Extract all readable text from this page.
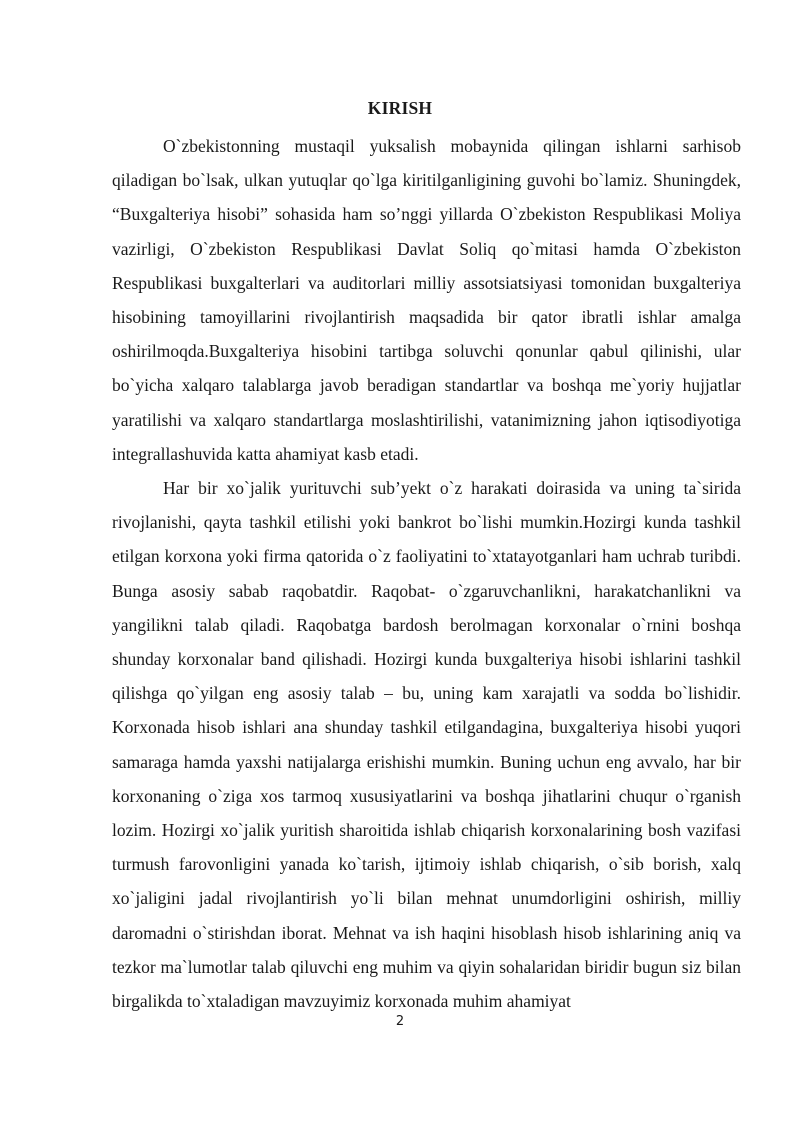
KIRISH

O`zbekistonning mustaqil yuksalish mobaynida qilingan ishlarni sarhisob qiladigan bo`lsak, ulkan yutuqlar qo`lga kiritilganligining guvohi bo`lamiz. Shuningdek, “Buxgalteriya hisobi” sohasida ham so’nggi yillarda O`zbekiston Respublikasi Moliya vazirligi, O`zbekiston Respublikasi Davlat Soliq qo`mitasi hamda O`zbekiston Respublikasi buxgalterlari va auditorlari milliy assotsiatsiyasi tomonidan buxgalteriya hisobining tamoyillarini rivojlantirish maqsadida bir qator ibratli ishlar amalga oshirilmoqda.Buxgalteriya hisobini tartibga soluvchi qonunlar qabul qilinishi, ular bo`yicha xalqaro talablarga javob beradigan standartlar va boshqa me`yoriy hujjatlar yaratilishi va xalqaro standartlarga moslashtirilishi, vatanimizning jahon iqtisodiyotiga integrallashuvida katta ahamiyat kasb etadi.

Har bir xo`jalik yurituvchi sub’yekt o`z harakati doirasida va uning ta`sirida rivojlanishi, qayta tashkil etilishi yoki bankrot bo`lishi mumkin.Hozirgi kunda tashkil etilgan korxona yoki firma qatorida o`z faoliyatini to`xtatayotganlari ham uchrab turibdi. Bunga asosiy sabab raqobatdir. Raqobat- o`zgaruvchanlikni, harakatchanlikni va yangilikni talab qiladi. Raqobatga bardosh berolmagan korxonalar o`rnini boshqa shunday korxonalar band qilishadi. Hozirgi kunda buxgalteriya hisobi ishlarini tashkil qilishga qo`yilgan eng asosiy talab – bu, uning kam xarajatli va sodda bo`lishidir. Korxonada hisob ishlari ana shunday tashkil etilgandagina, buxgalteriya hisobi yuqori samaraga hamda yaxshi natijalarga erishishi mumkin. Buning uchun eng avvalo, har bir korxonaning o`ziga xos tarmoq xususiyatlarini va boshqa jihatlarini chuqur o`rganish lozim. Hozirgi xo`jalik yuritish sharoitida ishlab chiqarish korxonalarining bosh vazifasi turmush farovonligini yanada ko`tarish, ijtimoiy ishlab chiqarish, o`sib borish, xalq xo`jaligini jadal rivojlantirish yo`li bilan mehnat unumdorligini oshirish, milliy daromadni o`stirishdan iborat. Mehnat va ish haqini hisoblash hisob ishlarining aniq va tezkor ma`lumotlar talab qiluvchi eng muhim va qiyin sohalaridan biridir bugun siz bilan birgalikda to`xtaladigan mavzuyimiz korxonada muhim ahamiyat

2
